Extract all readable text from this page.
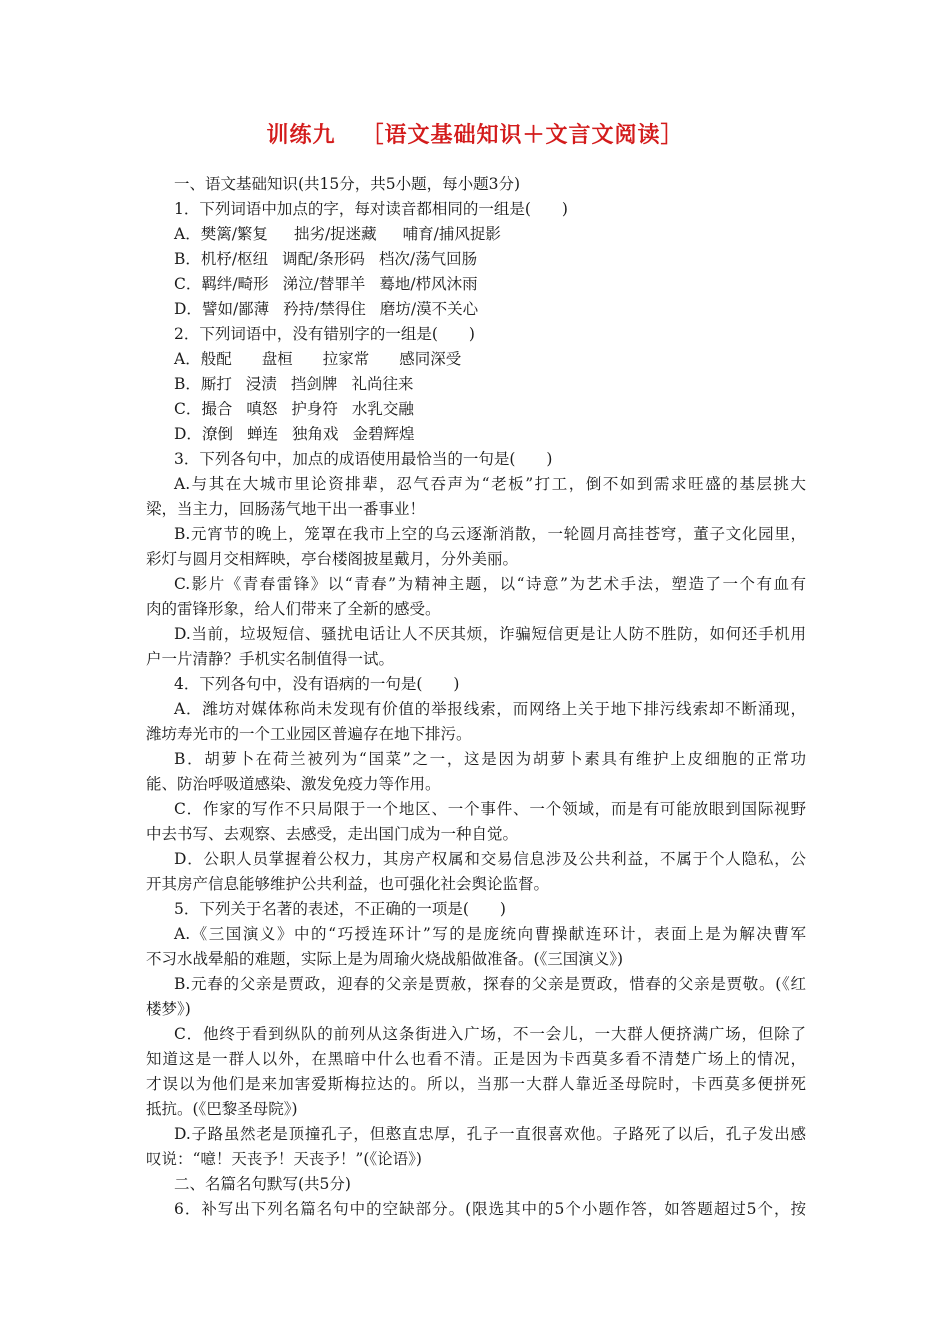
训练九 ［语文基础知识＋文言文阅读］
一、语文基础知识(共15分，共5小题，每小题3分)
1．下列词语中加点的字，每对读音都相同的一组是(　　)
A．樊篱/繁复 拙劣/捉迷藏 哺育/捕风捉影
B．机杼/枢纽 调配/条形码 档次/荡气回肠
C．羁绊/畸形 涕泣/替罪羊 蓦地/栉风沐雨
D．譬如/鄙薄 矜持/禁得住 磨坊/漠不关心
2．下列词语中，没有错别字的一组是(　　)
A．般配 盘桓 拉家常 感同深受
B．厮打 浸渍 挡剑牌 礼尚往来
C．撮合 嗔怒 护身符 水乳交融
D．潦倒 蝉连 独角戏 金碧辉煌
3．下列各句中，加点的成语使用最恰当的一句是(　　)
A.与其在大城市里论资排辈，忍气吞声为“老板”打工，倒不如到需求旺盛的基层挑大
梁，当主力，回肠荡气地干出一番事业！
B.元宵节的晚上，笼罩在我市上空的乌云逐渐消散，一轮圆月高挂苍穹，董子文化园里，
彩灯与圆月交相辉映，亭台楼阁披星戴月，分外美丽。
C.影片《青春雷锋》以“青春”为精神主题，以“诗意”为艺术手法，塑造了一个有血有
肉的雷锋形象，给人们带来了全新的感受。
D.当前，垃圾短信、骚扰电话让人不厌其烦，诈骗短信更是让人防不胜防，如何还手机用
户一片清静？手机实名制值得一试。
4．下列各句中，没有语病的一句是(　　)
A．潍坊对媒体称尚未发现有价值的举报线索，而网络上关于地下排污线索却不断涌现，
潍坊寿光市的一个工业园区普遍存在地下排污。
B．胡萝卜在荷兰被列为“国菜”之一，这是因为胡萝卜素具有维护上皮细胞的正常功
能、防治呼吸道感染、激发免疫力等作用。
C．作家的写作不只局限于一个地区、一个事件、一个领域，而是有可能放眼到国际视野
中去书写、去观察、去感受，走出国门成为一种自觉。
D．公职人员掌握着公权力，其房产权属和交易信息涉及公共利益，不属于个人隐私，公
开其房产信息能够维护公共利益，也可强化社会舆论监督。
5．下列关于名著的表述，不正确的一项是(　　)
A.《三国演义》中的“巧授连环计”写的是庞统向曹操献连环计，表面上是为解决曹军
不习水战晕船的难题，实际上是为周瑜火烧战船做准备。(《三国演义》)
B.元春的父亲是贾政，迎春的父亲是贾赦，探春的父亲是贾政，惜春的父亲是贾敬。(《红
楼梦》)
C．他终于看到纵队的前列从这条街进入广场，不一会儿，一大群人便挤满广场，但除了
知道这是一群人以外，在黑暗中什么也看不清。正是因为卡西莫多看不清楚广场上的情况，
才误以为他们是来加害爱斯梅拉达的。所以，当那一大群人靠近圣母院时，卡西莫多便拼死
抵抗。(《巴黎圣母院》)
D.子路虽然老是顶撞孔子，但憨直忠厚，孔子一直很喜欢他。子路死了以后，孔子发出感
叹说：“噫！天丧予！天丧予！”(《论语》)
二、名篇名句默写(共5分)
6．补写出下列名篇名句中的空缺部分。(限选其中的5个小题作答，如答题超过5个，按
